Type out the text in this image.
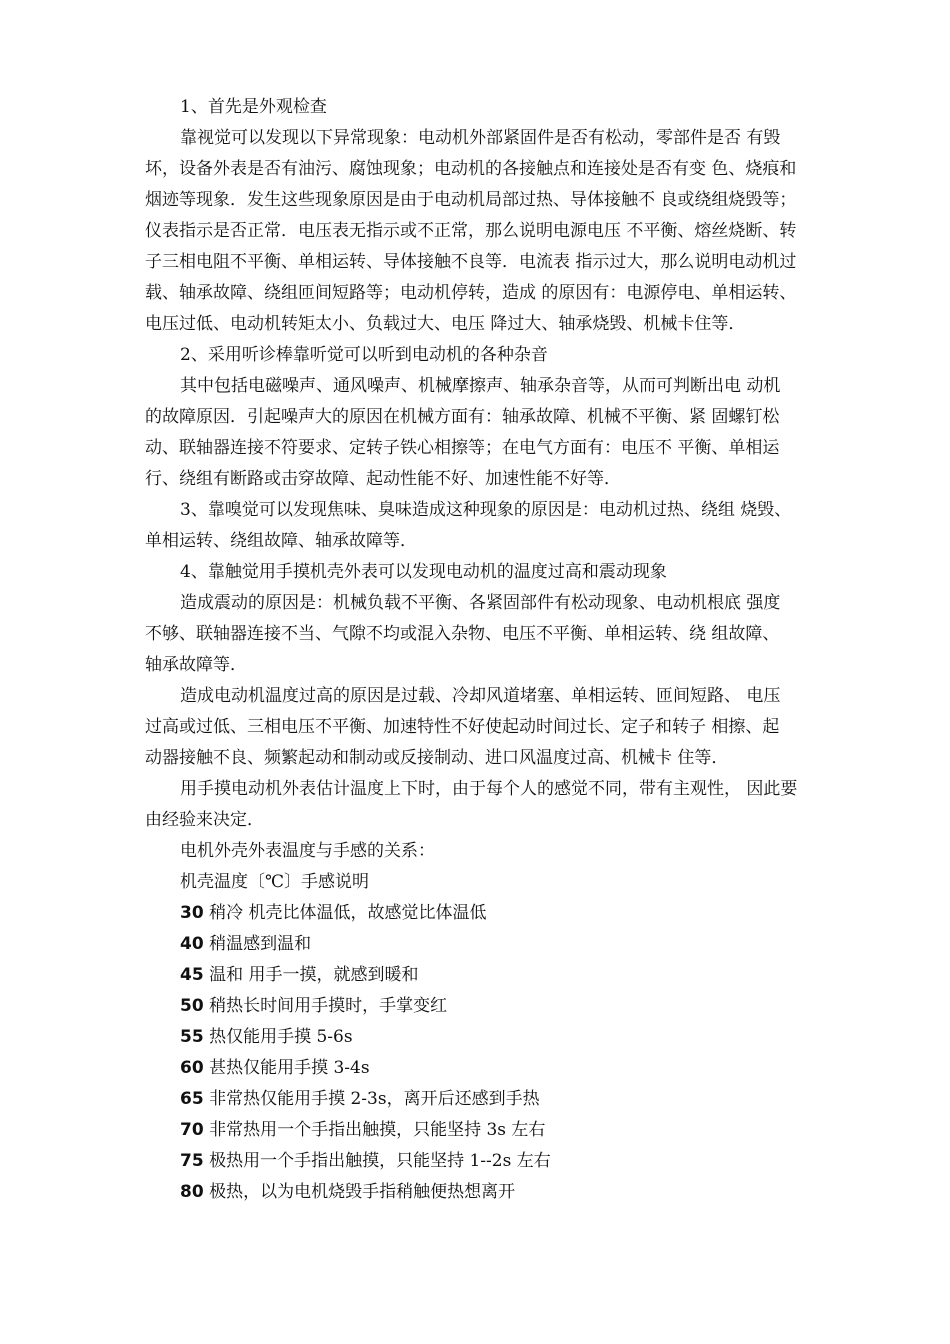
1、首先是外观检查
靠视觉可以发现以下异常现象：电动机外部紧固件是否有松动，零部件是否 有毁
坏，设备外表是否有油污、腐蚀现象；电动机的各接触点和连接处是否有变 色、烧痕和
烟迹等现象．发生这些现象原因是由于电动机局部过热、导体接触不 良或绕组烧毁等；
仪表指示是否正常．电压表无指示或不正常，那么说明电源电压 不平衡、熔丝烧断、转
子三相电阻不平衡、单相运转、导体接触不良等．电流表 指示过大，那么说明电动机过
载、轴承故障、绕组匝间短路等；电动机停转，造成 的原因有：电源停电、单相运转、
电压过低、电动机转矩太小、负载过大、电压 降过大、轴承烧毁、机械卡住等．
2、采用听诊棒靠听觉可以听到电动机的各种杂音
其中包括电磁噪声、通风噪声、机械摩擦声、轴承杂音等，从而可判断出电 动机
的故障原因．引起噪声大的原因在机械方面有：轴承故障、机械不平衡、紧 固螺钉松
动、联轴器连接不符要求、定转子铁心相擦等；在电气方面有：电压不 平衡、单相运
行、绕组有断路或击穿故障、起动性能不好、加速性能不好等．
3、靠嗅觉可以发现焦味、臭味造成这种现象的原因是：电动机过热、绕组 烧毁、
单相运转、绕组故障、轴承故障等．
4、靠触觉用手摸机壳外表可以发现电动机的温度过高和震动现象
造成震动的原因是：机械负载不平衡、各紧固部件有松动现象、电动机根底 强度
不够、联轴器连接不当、气隙不均或混入杂物、电压不平衡、单相运转、绕 组故障、
轴承故障等．
造成电动机温度过高的原因是过载、冷却风道堵塞、单相运转、匝间短路、 电压
过高或过低、三相电压不平衡、加速特性不好使起动时间过长、定子和转子 相擦、起
动器接触不良、频繁起动和制动或反接制动、进口风温度过高、机械卡 住等．
用手摸电动机外表估计温度上下时，由于每个人的感觉不同，带有主观性， 因此要
由经验来决定．
电机外壳外表温度与手感的关系：
机壳温度〔℃〕手感说明
30 稍冷 机壳比体温低，故感觉比体温低
40 稍温感到温和
45 温和 用手一摸，就感到暖和
50 稍热长时间用手摸时，手掌变红
55 热仅能用手摸 5-6s
60 甚热仅能用手摸 3-4s
65 非常热仅能用手摸 2-3s，离开后还感到手热
70 非常热用一个手指出触摸，只能坚持 3s 左右
75 极热用一个手指出触摸，只能坚持 1--2s 左右
80 极热，以为电机烧毁手指稍触便热想离开
